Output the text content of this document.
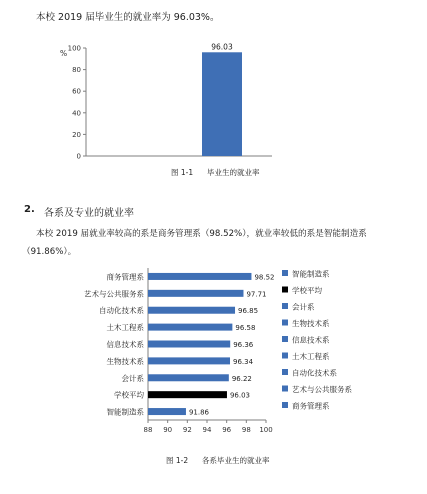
本校 2019 届毕业生的就业率为 96.03%。
0
20
40
60
80
100
%
96.03
图 1-1 毕业生的就业率
2. 各系及专业的就业率
本校 2019 届就业率较高的系是商务管理系（98.52%），就业率较低的系是智能制造系
（91.86%）。
88 90 92 94 96 98 100
商务管理系	98.52
艺术与公共服务系	97.71
自动化技术系	96.85
土木工程系	96.58
信息技术系	96.36
生物技术系	96.34
会计系	96.22
学校平均	96.03
智能制造系	91.86
智能制造系
学校平均
会计系
生物技术系
信息技术系
土木工程系
自动化技术系
艺术与公共服务系
商务管理系
图 1-2 各系毕业生的就业率
